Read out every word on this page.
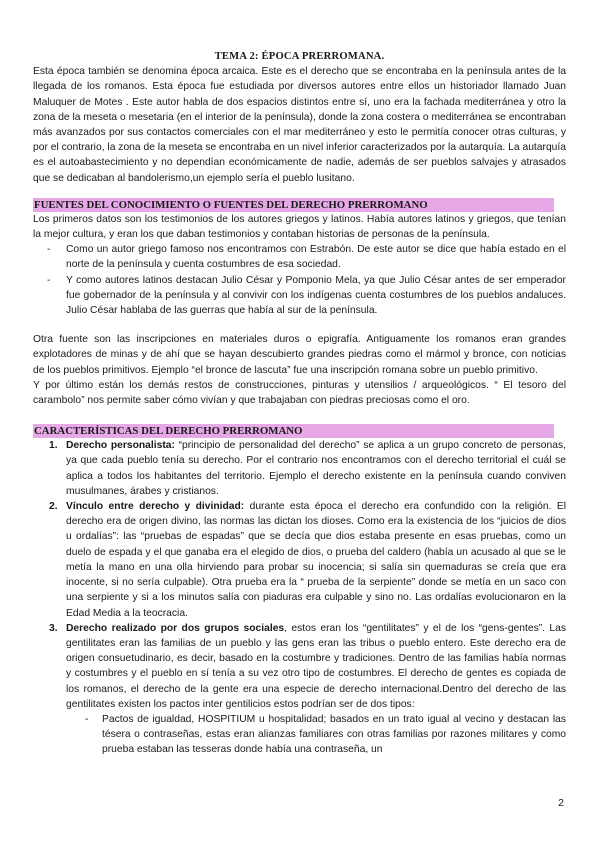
TEMA 2: ÉPOCA PRERROMANA.

Esta época también se denomina época arcaica. Este es el derecho que se encontraba en la península antes de la llegada de los romanos. Esta época fue estudiada por diversos autores entre ellos un historiador llamado Juan Maluquer de Motes . Este autor habla de dos espacios distintos entre sí, uno era la fachada mediterránea y otro la zona de la meseta o mesetaria (en el interior de la península), donde la zona costera o mediterránea se encontraban más avanzados por sus contactos comerciales con el mar mediterráneo y esto le permitía conocer otras culturas, y por el contrario, la zona de la meseta se encontraba en un nivel inferior caracterizados por la autarquía. La autarquía es el autoabastecimiento y no dependían económicamente de nadie, además de ser pueblos salvajes y atrasados que se dedicaban al bandolerismo,un ejemplo sería el pueblo lusitano.

FUENTES DEL CONOCIMIENTO O FUENTES DEL DERECHO PRERROMANO

Los primeros datos son los testimonios de los autores griegos y latinos. Había autores latinos y griegos, que tenían la mejor cultura, y eran los que daban testimonios y contaban historias de personas de la península.

- Como un autor griego famoso nos encontramos con Estrabón. De este autor se dice que había estado en el norte de la península y cuenta costumbres de esa sociedad.
- Y como autores latinos destacan Julio César y Pomponio Mela, ya que Julio César antes de ser emperador fue gobernador de la península y al convivir con los indígenas cuenta costumbres de los pueblos andaluces. Julio César hablaba de las guerras que había al sur de la península.

Otra fuente son las inscripciones en materiales duros o epigrafía. Antiguamente los romanos eran grandes explotadores de minas y de ahí que se hayan descubierto grandes piedras como el mármol y bronce, con noticias de los pueblos primitivos. Ejemplo “el bronce de lascuta” fue una inscripción romana sobre un pueblo primitivo.

Y por último están los demás restos de construcciones, pinturas y utensilios / arqueológicos. “ El tesoro del carambolo” nos permite saber cómo vivían y que trabajaban con piedras preciosas como el oro.

CARACTERÍSTICAS DEL DERECHO PRERROMANO
1. Derecho personalista: “principio de personalidad del derecho” se aplica a un grupo concreto de personas, ya que cada pueblo tenía su derecho. Por el contrario nos encontramos con el derecho territorial el cuál se aplica a todos los habitantes del territorio. Ejemplo el derecho existente en la península cuando conviven musulmanes, árabes y cristianos.
2. Vínculo entre derecho y divinidad: durante esta época el derecho era confundido con la religión. El derecho era de origen divino, las normas las dictan los dioses. Como era la existencia de los “juicios de dios u ordalías”: las “pruebas de espadas” que se decía que dios estaba presente en esas pruebas, como un duelo de espada y el que ganaba era el elegido de dios, o prueba del caldero (había un acusado al que se le metía la mano en una olla hirviendo para probar su inocencia; si salía sin quemaduras se creía que era inocente, si no sería culpable). Otra prueba era la “ prueba de la serpiente” donde se metía en un saco con una serpiente y si a los minutos salía con piaduras era culpable y sino no. Las ordalías evolucionaron en la Edad Media a la teocracia.
3. Derecho realizado por dos grupos sociales, estos eran los “gentilitates” y el de los “gens-gentes”. Las gentilitates eran las familias de un pueblo y las gens eran las tribus o pueblo entero. Este derecho era de origen consuetudinario, es decir, basado en la costumbre y tradiciones. Dentro de las familias había normas y costumbres y el pueblo en sí tenía a su vez otro tipo de costumbres. El derecho de gentes es copiada de los romanos, el derecho de la gente era una especie de derecho internacional.Dentro del derecho de las gentilitates existen los pactos inter gentilicios estos podrían ser de dos tipos:
- Pactos de igualdad, HOSPITIUM u hospitalidad; basados en un trato igual al vecino y destacan las tésera o contraseñas, estas eran alianzas familiares con otras familias por razones militares y como prueba estaban las tesseras donde había una contraseña, un
2
